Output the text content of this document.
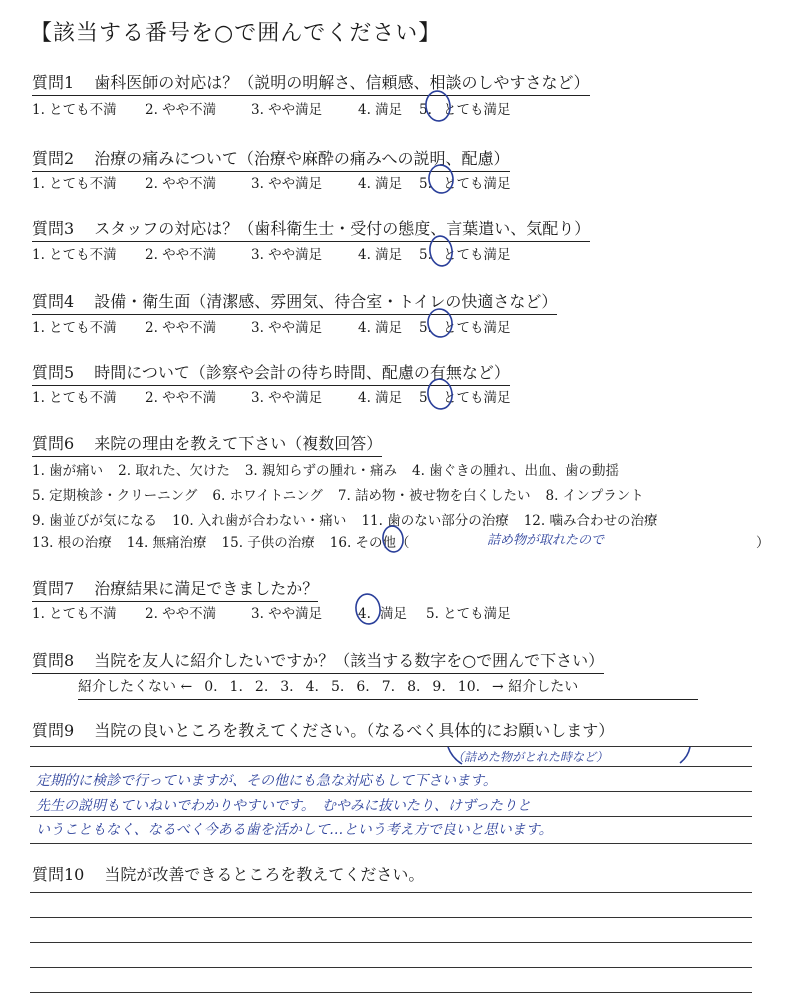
【該当する番号を○で囲んでください】
質問1 歯科医師の対応は？（説明の明解さ、信頼感、相談のしやすさなど）
1. とても不満 2. やや不満	3. やや満足	4. 満足 5. とても満足
質問2 治療の痛みについて（治療や麻酔の痛みへの説明、配慮）
1. とても不満 2. やや不満	3. やや満足	4. 満足 5. とても満足
質問3 スタッフの対応は？（歯科衛生士・受付の態度、言葉遣い、気配り）
1. とても不満 2. やや不満	3. やや満足	4. 満足 5. とても満足
質問4 設備・衛生面（清潔感、雰囲気、待合室・トイレの快適さなど）
1. とても不満 2. やや不満	3. やや満足	4. 満足 5. とても満足
質問5 時間について（診察や会計の待ち時間、配慮の有無など）
1. とても不満 2. やや不満	3. やや満足	4. 満足 5. とても満足
質問6 来院の理由を教えて下さい（複数回答）
1. 歯が痛い 2. 取れた、欠けた 3. 親知らずの腫れ・痛み 4. 歯ぐきの腫れ、出血、歯の動揺
5. 定期検診・クリーニング 6. ホワイトニング 7. 詰め物・被せ物を白くしたい 8. インプラント
9. 歯並びが気になる 10. 入れ歯が合わない・痛い 11. 歯のない部分の治療 12. 噛み合わせの治療
13. 根の治療 14. 無痛治療 15. 子供の治療 16. その他（	）
詰め物が取れたので
質問7 治療結果に満足できましたか？
1. とても不満 2. やや不満	3. やや満足	4. 満足 5. とても満足
質問8 当院を友人に紹介したいですか？（該当する数字を○で囲んで下さい）
紹介したくない ← 0. 1. 2. 3. 4. 5. 6. 7. 8. 9. 10. → 紹介したい
質問9 当院の良いところを教えてください。（なるべく具体的にお願いします）
（詰めた物がとれた時など）
定期的に検診で行っていますが、その他にも急な対応もして下さいます。
先生の説明もていねいでわかりやすいです。　むやみに抜いたり、けずったりと
いうこともなく、なるべく今ある歯を活かして…という考え方で良いと思います。
質問10 当院が改善できるところを教えてください。
